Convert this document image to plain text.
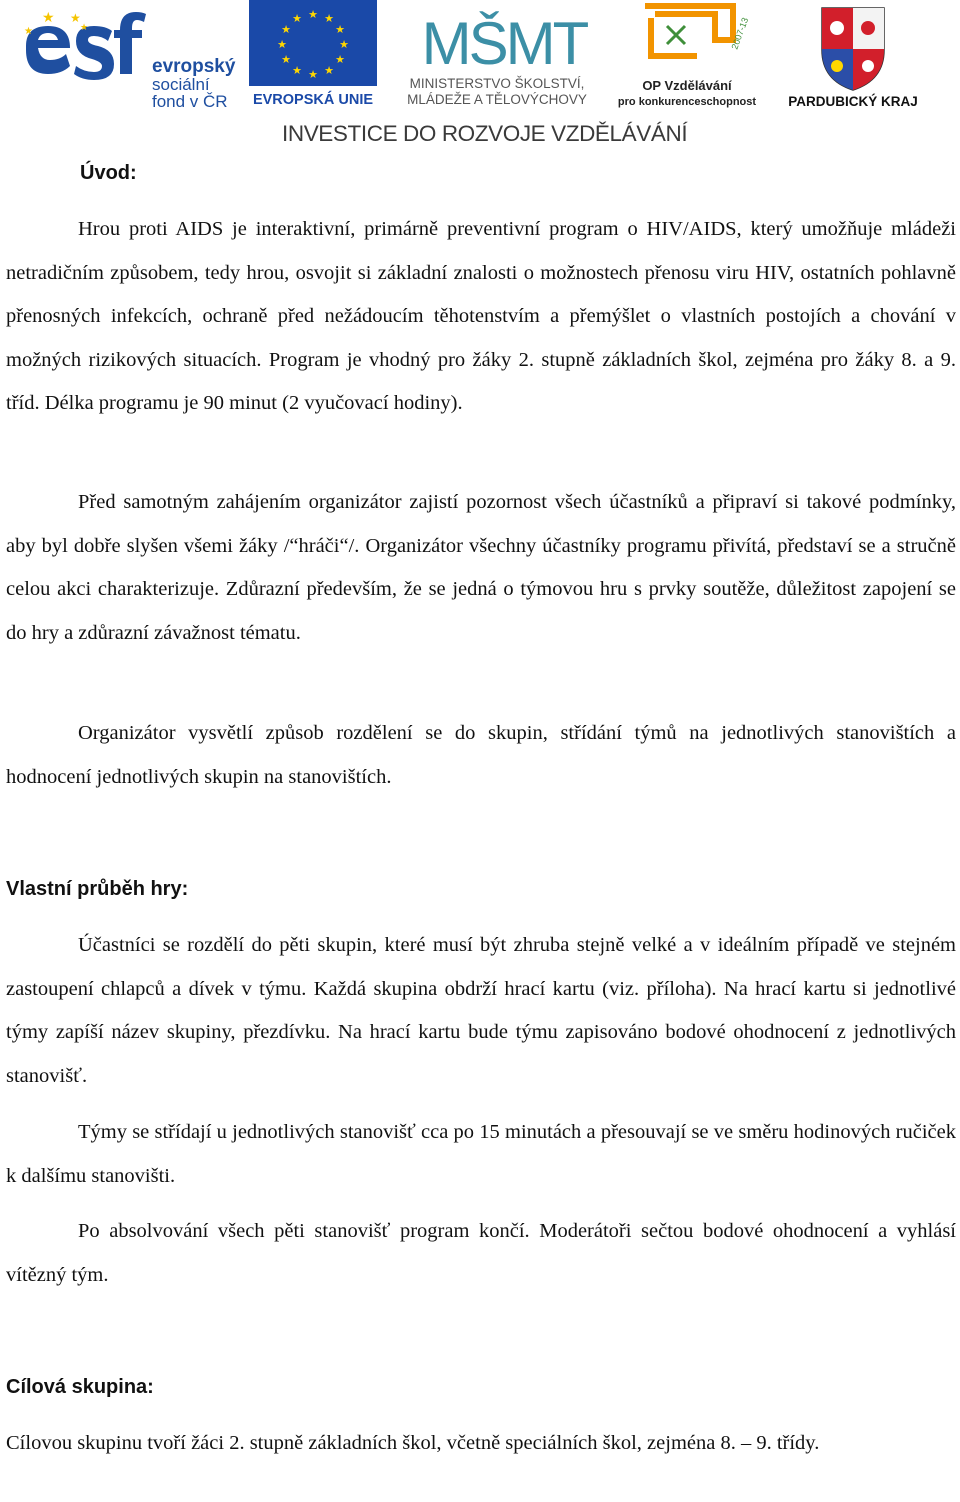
★
★
★
★
evropský
sociální
fond v ČR
★ ★
★
★
★
★
★
★
★
★
★
★
EVROPSKÁ UNIE
MŠMT
MINISTERSTVO ŠKOLSTVÍ,
MLÁDEŽE A TĚLOVÝCHOVY
2007-13
OP Vzdělávání
pro konkurenceschopnost PARDUBICKÝ KRAJ
INVESTICE DO ROZVOJE VZDĚLÁVÁNÍ
Úvod:

Hrou proti AIDS je interaktivní, primárně preventivní program o HIV/AIDS, který umožňuje mládeži netradičním způsobem, tedy hrou, osvojit si základní znalosti o možnostech přenosu viru HIV, ostatních pohlavně přenosných infekcích, ochraně před nežádoucím těhotenstvím a přemýšlet o vlastních postojích a chování v možných rizikových situacích. Program je vhodný pro žáky 2. stupně základních škol, zejména pro žáky 8. a 9. tříd. Délka programu je 90 minut (2 vyučovací hodiny).

Před samotným zahájením organizátor zajistí pozornost všech účastníků a připraví si takové podmínky, aby byl dobře slyšen všemi žáky /“hráči“/. Organizátor všechny účastníky programu přivítá, představí se a stručně celou akci charakterizuje. Zdůrazní především, že se jedná o týmovou hru s prvky soutěže, důležitost zapojení se do hry a zdůrazní závažnost tématu.

Organizátor vysvětlí způsob rozdělení se do skupin, střídání týmů na jednotlivých stanovištích a hodnocení jednotlivých skupin na stanovištích.

Vlastní průběh hry:

Účastníci se rozdělí do pěti skupin, které musí být zhruba stejně velké a v ideálním případě ve stejném zastoupení chlapců a dívek v týmu. Každá skupina obdrží hrací kartu (viz. příloha). Na hrací kartu si jednotlivé týmy zapíší název skupiny, přezdívku. Na hrací kartu bude týmu zapisováno bodové ohodnocení z jednotlivých stanovišť.

Týmy se střídají u jednotlivých stanovišť cca po 15 minutách a přesouvají se ve směru hodinových ručiček k dalšímu stanovišti.

Po absolvování všech pěti stanovišť program končí. Moderátoři sečtou bodové ohodnocení a vyhlásí vítězný tým.

Cílová skupina:

Cílovou skupinu tvoří žáci 2. stupně základních škol, včetně speciálních škol, zejména 8. – 9. třídy.
